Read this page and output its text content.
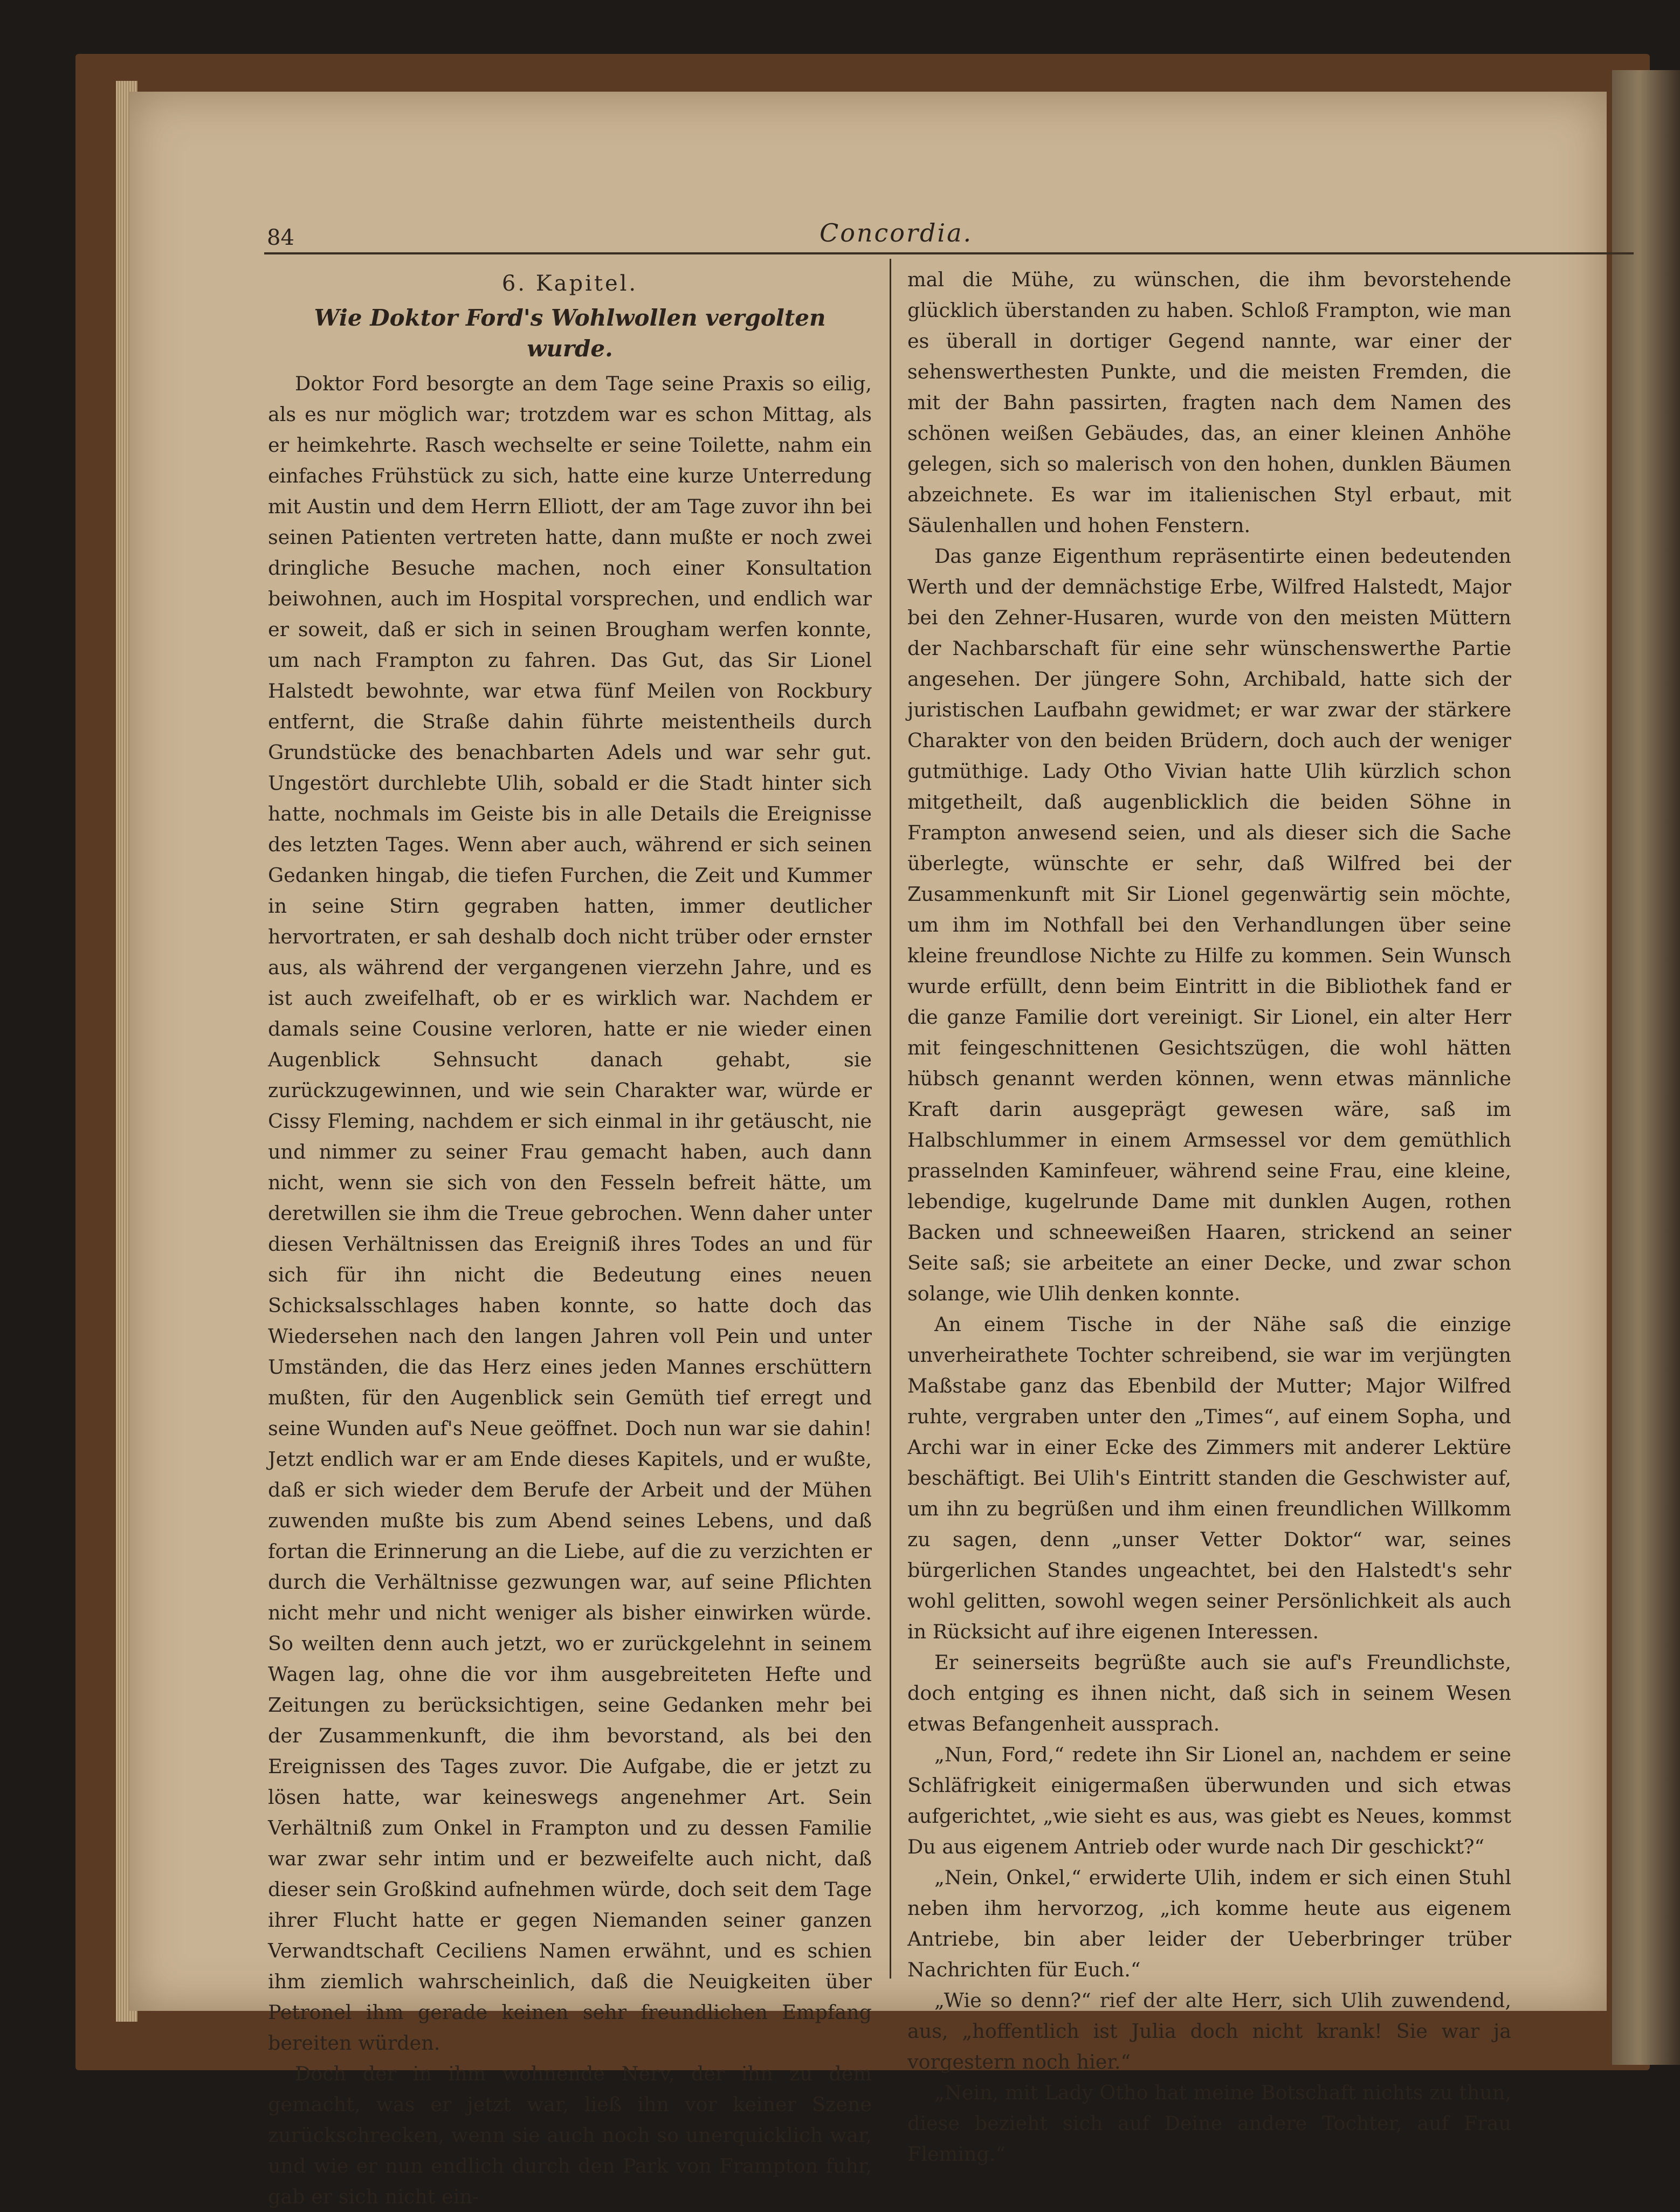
84	Concordia.
6. Kapitel.
Wie Doktor Ford's Wohlwollen vergolten wurde.

Doktor Ford besorgte an dem Tage seine Praxis so eilig, als es nur möglich war; trotzdem war es schon Mittag, als er heimkehrte. Rasch wechselte er seine Toilette, nahm ein einfaches Frühstück zu sich, hatte eine kurze Unterredung mit Austin und dem Herrn Elliott, der am Tage zuvor ihn bei seinen Patienten vertreten hatte, dann mußte er noch zwei dringliche Besuche machen, noch einer Konsultation beiwohnen, auch im Hospital vorsprechen, und endlich war er soweit, daß er sich in seinen Brougham werfen konnte, um nach Frampton zu fahren. Das Gut, das Sir Lionel Halstedt bewohnte, war etwa fünf Meilen von Rockbury entfernt, die Straße dahin führte meistentheils durch Grundstücke des benachbarten Adels und war sehr gut. Ungestört durchlebte Ulih, sobald er die Stadt hinter sich hatte, nochmals im Geiste bis in alle Details die Ereignisse des letzten Tages. Wenn aber auch, während er sich seinen Gedanken hingab, die tiefen Furchen, die Zeit und Kummer in seine Stirn gegraben hatten, immer deutlicher hervortraten, er sah deshalb doch nicht trüber oder ernster aus, als während der vergangenen vierzehn Jahre, und es ist auch zweifelhaft, ob er es wirklich war. Nachdem er damals seine Cousine verloren, hatte er nie wieder einen Augenblick Sehnsucht danach gehabt, sie zurückzugewinnen, und wie sein Charakter war, würde er Cissy Fleming, nachdem er sich einmal in ihr getäuscht, nie und nimmer zu seiner Frau gemacht haben, auch dann nicht, wenn sie sich von den Fesseln befreit hätte, um deretwillen sie ihm die Treue gebrochen. Wenn daher unter diesen Verhältnissen das Ereigniß ihres Todes an und für sich für ihn nicht die Bedeutung eines neuen Schicksalsschlages haben konnte, so hatte doch das Wiedersehen nach den langen Jahren voll Pein und unter Umständen, die das Herz eines jeden Mannes erschüttern mußten, für den Augenblick sein Gemüth tief erregt und seine Wunden auf's Neue geöffnet. Doch nun war sie dahin! Jetzt endlich war er am Ende dieses Kapitels, und er wußte, daß er sich wieder dem Berufe der Arbeit und der Mühen zuwenden mußte bis zum Abend seines Lebens, und daß fortan die Erinnerung an die Liebe, auf die zu verzichten er durch die Verhältnisse gezwungen war, auf seine Pflichten nicht mehr und nicht weniger als bisher einwirken würde. So weilten denn auch jetzt, wo er zurückgelehnt in seinem Wagen lag, ohne die vor ihm ausgebreiteten Hefte und Zeitungen zu berücksichtigen, seine Gedanken mehr bei der Zusammenkunft, die ihm bevorstand, als bei den Ereignissen des Tages zuvor. Die Aufgabe, die er jetzt zu lösen hatte, war keineswegs angenehmer Art. Sein Verhältniß zum Onkel in Frampton und zu dessen Familie war zwar sehr intim und er bezweifelte auch nicht, daß dieser sein Großkind aufnehmen würde, doch seit dem Tage ihrer Flucht hatte er gegen Niemanden seiner ganzen Verwandtschaft Ceciliens Namen erwähnt, und es schien ihm ziemlich wahrscheinlich, daß die Neuigkeiten über Petronel ihm gerade keinen sehr freundlichen Empfang bereiten würden.

Doch der in ihm wohnende Nerv, der ihn zu dem gemacht, was er jetzt war, ließ ihn vor keiner Szene zurückschrecken, wenn sie auch noch so unerquicklich war, und wie er nun endlich durch den Park von Frampton fuhr, gab er sich nicht ein-

mal die Mühe, zu wünschen, die ihm bevorstehende glücklich überstanden zu haben. Schloß Frampton, wie man es überall in dortiger Gegend nannte, war einer der sehenswerthesten Punkte, und die meisten Fremden, die mit der Bahn passirten, fragten nach dem Namen des schönen weißen Gebäudes, das, an einer kleinen Anhöhe gelegen, sich so malerisch von den hohen, dunklen Bäumen abzeichnete. Es war im italienischen Styl erbaut, mit Säulenhallen und hohen Fenstern.

Das ganze Eigenthum repräsentirte einen bedeutenden Werth und der demnächstige Erbe, Wilfred Halstedt, Major bei den Zehner-Husaren, wurde von den meisten Müttern der Nachbarschaft für eine sehr wünschenswerthe Partie angesehen. Der jüngere Sohn, Archibald, hatte sich der juristischen Laufbahn gewidmet; er war zwar der stärkere Charakter von den beiden Brüdern, doch auch der weniger gutmüthige. Lady Otho Vivian hatte Ulih kürzlich schon mitgetheilt, daß augenblicklich die beiden Söhne in Frampton anwesend seien, und als dieser sich die Sache überlegte, wünschte er sehr, daß Wilfred bei der Zusammenkunft mit Sir Lionel gegenwärtig sein möchte, um ihm im Nothfall bei den Verhandlungen über seine kleine freundlose Nichte zu Hilfe zu kommen. Sein Wunsch wurde erfüllt, denn beim Eintritt in die Bibliothek fand er die ganze Familie dort vereinigt. Sir Lionel, ein alter Herr mit feingeschnittenen Gesichtszügen, die wohl hätten hübsch genannt werden können, wenn etwas männliche Kraft darin ausgeprägt gewesen wäre, saß im Halbschlummer in einem Armsessel vor dem gemüthlich prasselnden Kaminfeuer, während seine Frau, eine kleine, lebendige, kugelrunde Dame mit dunklen Augen, rothen Backen und schneeweißen Haaren, strickend an seiner Seite saß; sie arbeitete an einer Decke, und zwar schon solange, wie Ulih denken konnte.

An einem Tische in der Nähe saß die einzige unverheirathete Tochter schreibend, sie war im verjüngten Maßstabe ganz das Ebenbild der Mutter; Major Wilfred ruhte, vergraben unter den „Times“, auf einem Sopha, und Archi war in einer Ecke des Zimmers mit anderer Lektüre beschäftigt. Bei Ulih's Eintritt standen die Geschwister auf, um ihn zu begrüßen und ihm einen freundlichen Willkomm zu sagen, denn „unser Vetter Doktor“ war, seines bürgerlichen Standes ungeachtet, bei den Halstedt's sehr wohl gelitten, sowohl wegen seiner Persönlichkeit als auch in Rücksicht auf ihre eigenen Interessen.

Er seinerseits begrüßte auch sie auf's Freundlichste, doch entging es ihnen nicht, daß sich in seinem Wesen etwas Befangenheit aussprach.

„Nun, Ford,“ redete ihn Sir Lionel an, nachdem er seine Schläfrigkeit einigermaßen überwunden und sich etwas aufgerichtet, „wie sieht es aus, was giebt es Neues, kommst Du aus eigenem Antrieb oder wurde nach Dir geschickt?“

„Nein, Onkel,“ erwiderte Ulih, indem er sich einen Stuhl neben ihm hervorzog, „ich komme heute aus eigenem Antriebe, bin aber leider der Ueberbringer trüber Nachrichten für Euch.“

„Wie so denn?“ rief der alte Herr, sich Ulih zuwendend, aus, „hoffentlich ist Julia doch nicht krank! Sie war ja vorgestern noch hier.“

„Nein, mit Lady Otho hat meine Botschaft nichts zu thun, diese bezieht sich auf Deine andere Tochter, auf Frau Fleming.“
